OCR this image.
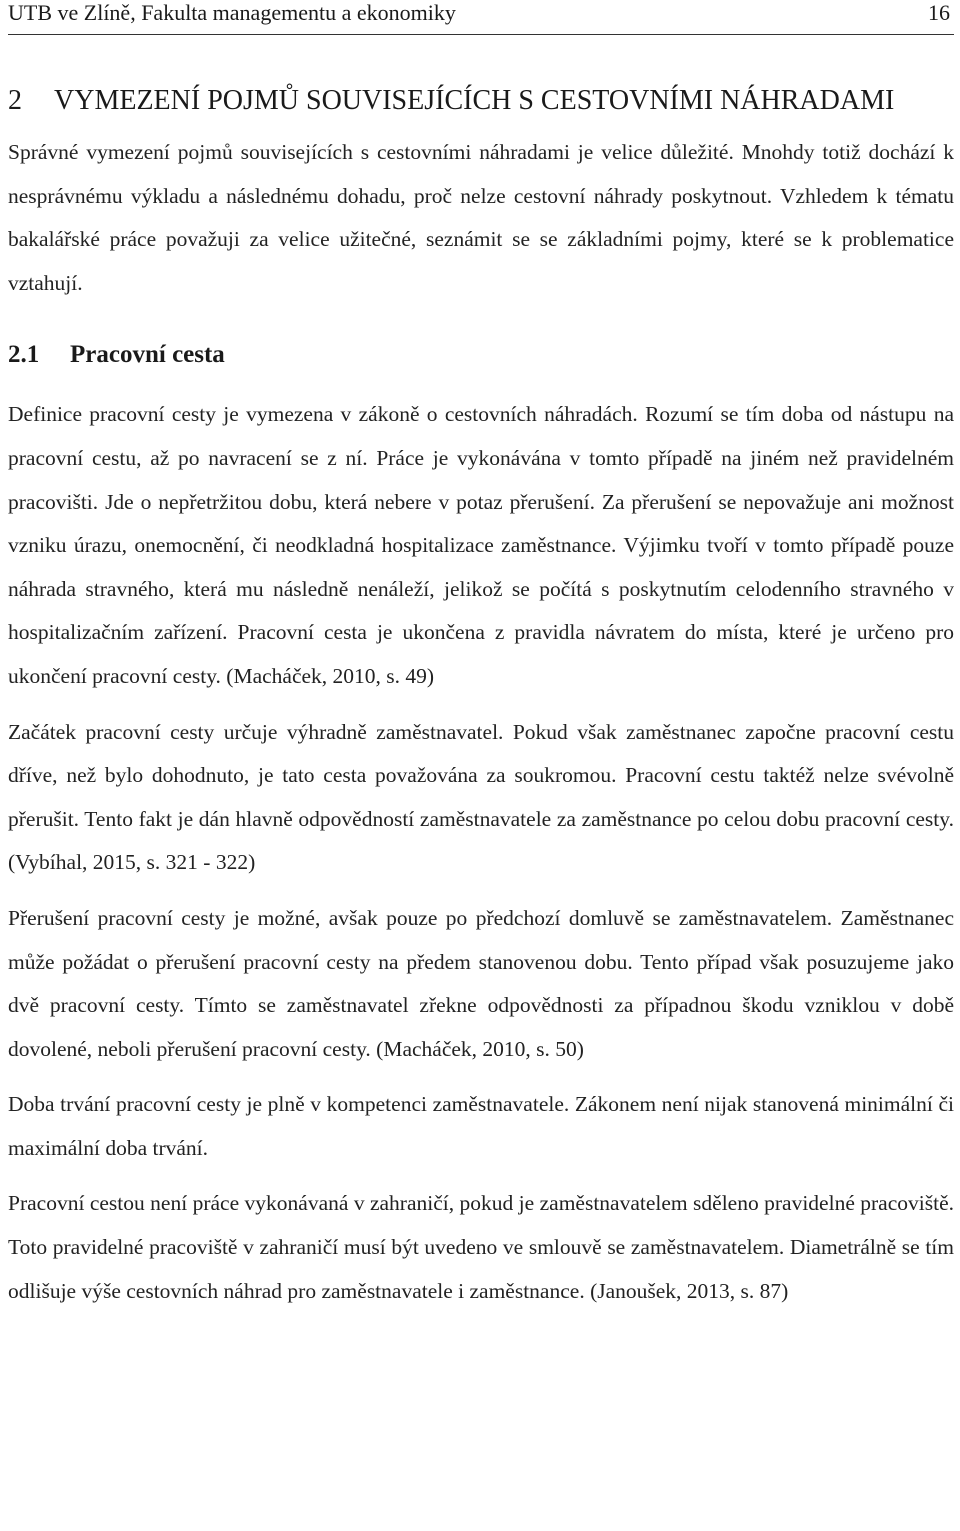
UTB ve Zlíně, Fakulta managementu a ekonomiky	16
2	VYMEZENÍ POJMŮ SOUVISEJÍCÍCH S CESTOVNÍMI NÁHRADAMI

Správné vymezení pojmů souvisejících s cestovními náhradami je velice důležité. Mnohdy totiž dochází k nesprávnému výkladu a následnému dohadu, proč nelze cestovní náhrady poskytnout. Vzhledem k tématu bakalářské práce považuji za velice užitečné, seznámit se se základními pojmy, které se k problematice vztahují.

2.1	Pracovní cesta

Definice pracovní cesty je vymezena v zákoně o cestovních náhradách. Rozumí se tím doba od nástupu na pracovní cestu, až po navracení se z ní. Práce je vykonávána v tomto případě na jiném než pravidelném pracovišti. Jde o nepřetržitou dobu, která nebere v potaz přerušení. Za přerušení se nepovažuje ani možnost vzniku úrazu, onemocnění, či neodkladná hospitalizace zaměstnance. Výjimku tvoří v tomto případě pouze náhrada stravného, která mu následně nenáleží, jelikož se počítá s poskytnutím celodenního stravného v hospitalizačním zařízení. Pracovní cesta je ukončena z pravidla návratem do místa, které je určeno pro ukončení pracovní cesty. (Macháček, 2010, s. 49)

Začátek pracovní cesty určuje výhradně zaměstnavatel. Pokud však zaměstnanec započne pracovní cestu dříve, než bylo dohodnuto, je tato cesta považována za soukromou. Pracovní cestu taktéž nelze svévolně přerušit. Tento fakt je dán hlavně odpovědností zaměstnavatele za zaměstnance po celou dobu pracovní cesty. (Vybíhal, 2015, s. 321 - 322)

Přerušení pracovní cesty je možné, avšak pouze po předchozí domluvě se zaměstnavatelem. Zaměstnanec může požádat o přerušení pracovní cesty na předem stanovenou dobu. Tento případ však posuzujeme jako dvě pracovní cesty. Tímto se zaměstnavatel zřekne odpovědnosti za případnou škodu vzniklou v době dovolené, neboli přerušení pracovní cesty. (Macháček, 2010, s. 50)

Doba trvání pracovní cesty je plně v kompetenci zaměstnavatele. Zákonem není nijak stanovená minimální či maximální doba trvání.

Pracovní cestou není práce vykonávaná v zahraničí, pokud je zaměstnavatelem sděleno pravidelné pracoviště. Toto pravidelné pracoviště v zahraničí musí být uvedeno ve smlouvě se zaměstnavatelem. Diametrálně se tím odlišuje výše cestovních náhrad pro zaměstnavatele i zaměstnance. (Janoušek, 2013, s. 87)
